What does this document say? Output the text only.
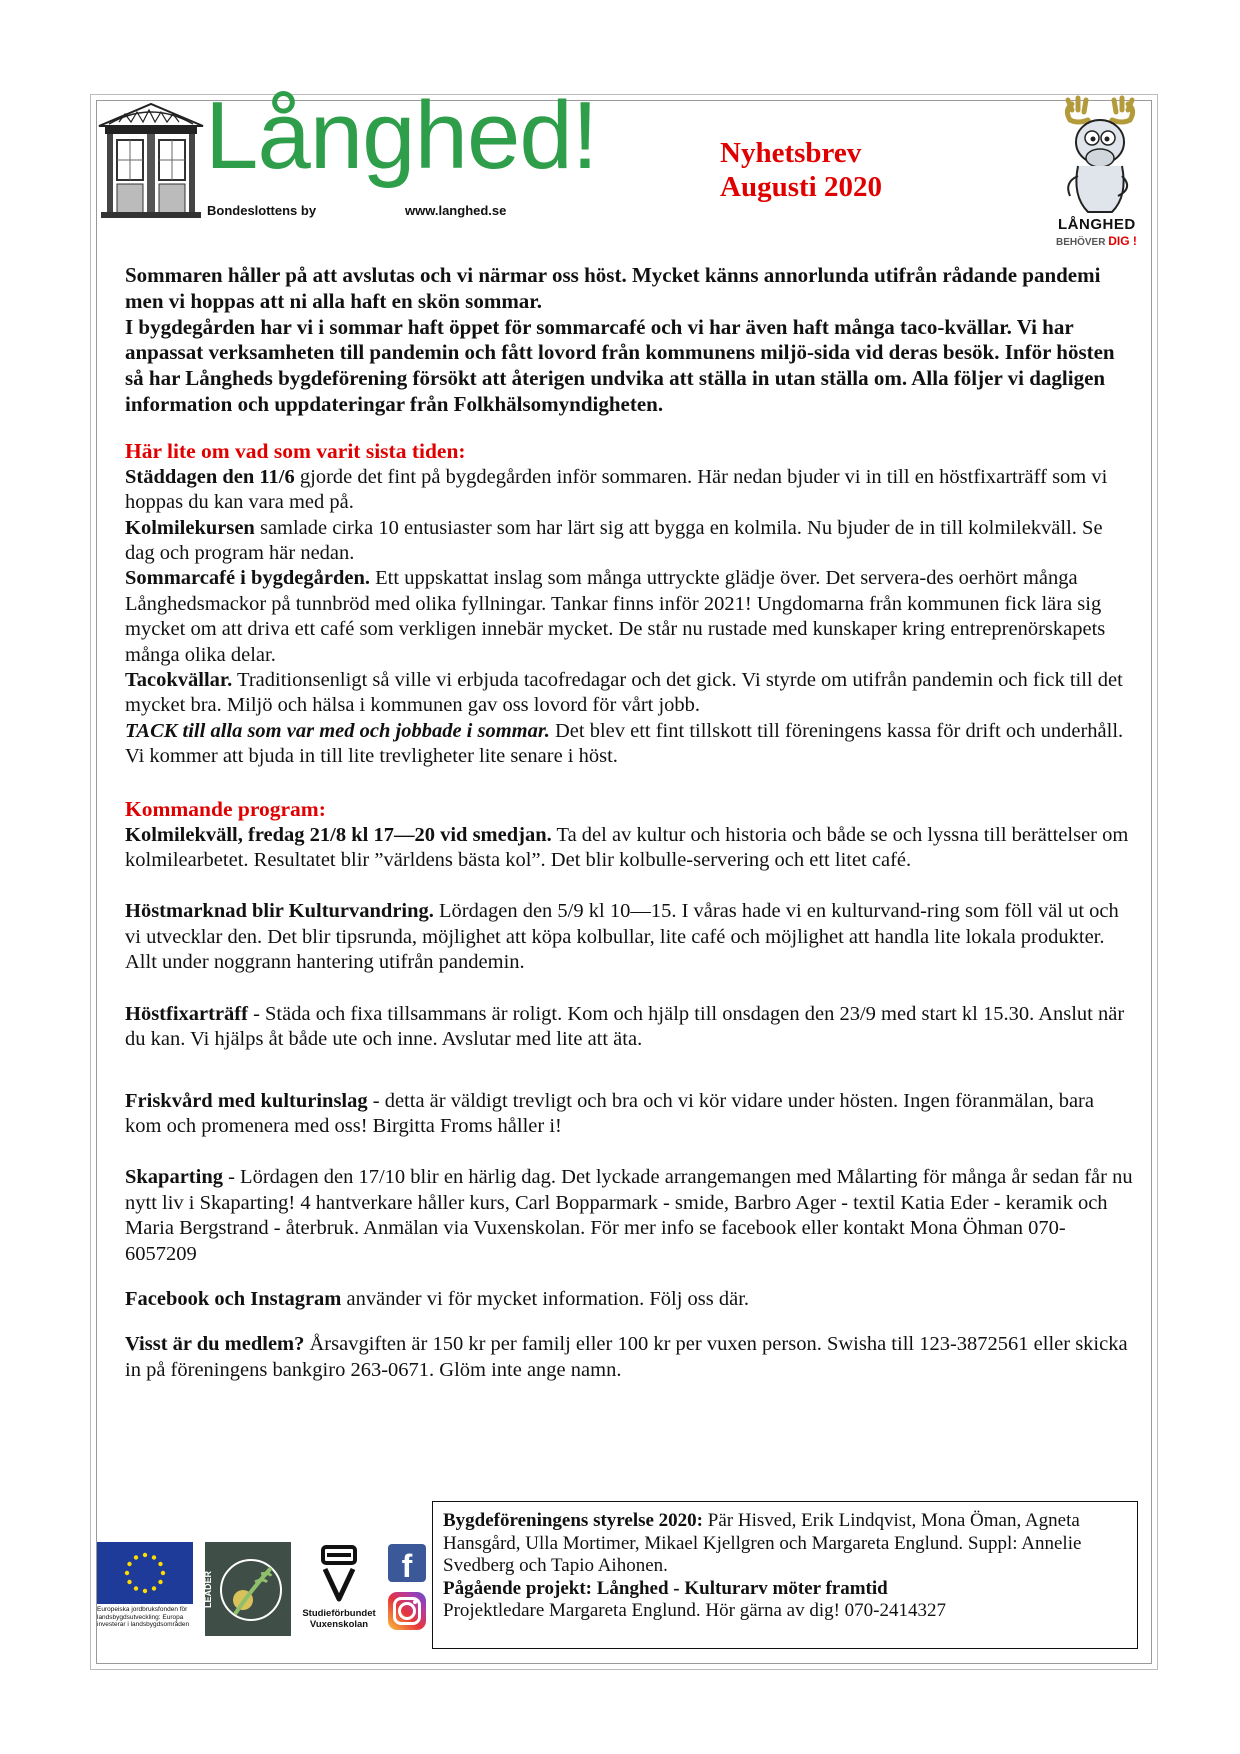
Långhed!
Bondeslottens by	www.langhed.se
Nyhetsbrev
Augusti 2020
LÅNGHED
BEHÖVER DIG !

Sommaren håller på att avslutas och vi närmar oss höst. Mycket känns annorlunda utifrån rådande pandemi men vi hoppas att ni alla haft en skön sommar.

I bygdegården har vi i sommar haft öppet för sommarcafé och vi har även haft många taco-kvällar. Vi har anpassat verksamheten till pandemin och fått lovord från kommunens miljö-sida vid deras besök. Inför hösten så har Långheds bygdeförening försökt att återigen undvika att ställa in utan ställa om. Alla följer vi dagligen information och uppdateringar från Folkhälsomyndigheten.

Här lite om vad som varit sista tiden:

Städdagen den 11/6 gjorde det fint på bygdegården inför sommaren. Här nedan bjuder vi in till en höstfixarträff som vi hoppas du kan vara med på.

Kolmilekursen samlade cirka 10 entusiaster som har lärt sig att bygga en kolmila. Nu bjuder de in till kolmilekväll. Se dag och program här nedan.

Sommarcafé i bygdegården. Ett uppskattat inslag som många uttryckte glädje över. Det servera-des oerhört många Långhedsmackor på tunnbröd med olika fyllningar. Tankar finns inför 2021! Ungdomarna från kommunen fick lära sig mycket om att driva ett café som verkligen innebär mycket. De står nu rustade med kunskaper kring entreprenörskapets många olika delar.

Tacokvällar. Traditionsenligt så ville vi erbjuda tacofredagar och det gick. Vi styrde om utifrån pandemin och fick till det mycket bra. Miljö och hälsa i kommunen gav oss lovord för vårt jobb.

TACK till alla som var med och jobbade i sommar. Det blev ett fint tillskott till föreningens kassa för drift och underhåll. Vi kommer att bjuda in till lite trevligheter lite senare i höst.

Kommande program:

Kolmilekväll, fredag 21/8 kl 17—20 vid smedjan. Ta del av kultur och historia och både se och lyssna till berättelser om kolmilearbetet. Resultatet blir ”världens bästa kol”. Det blir kolbulle-servering och ett litet café.

Höstmarknad blir Kulturvandring. Lördagen den 5/9 kl 10—15. I våras hade vi en kulturvand-ring som föll väl ut och vi utvecklar den. Det blir tipsrunda, möjlighet att köpa kolbullar, lite café och möjlighet att handla lite lokala produkter. Allt under noggrann hantering utifrån pandemin.

Höstfixarträff - Städa och fixa tillsammans är roligt. Kom och hjälp till onsdagen den 23/9 med start kl 15.30. Anslut när du kan. Vi hjälps åt både ute och inne. Avslutar med lite att äta.

Friskvård med kulturinslag - detta är väldigt trevligt och bra och vi kör vidare under hösten. Ingen föranmälan, bara kom och promenera med oss! Birgitta Froms håller i!

Skaparting - Lördagen den 17/10 blir en härlig dag. Det lyckade arrangemangen med Målarting för många år sedan får nu nytt liv i Skaparting! 4 hantverkare håller kurs, Carl Bopparmark - smide, Barbro Ager - textil Katia Eder - keramik och Maria Bergstrand - återbruk. Anmälan via Vuxenskolan. För mer info se facebook eller kontakt Mona Öhman 070-6057209

Facebook och Instagram använder vi för mycket information. Följ oss där.

Visst är du medlem? Årsavgiften är 150 kr per familj eller 100 kr per vuxen person. Swisha till 123-3872561 eller skicka in på föreningens bankgiro 263-0671. Glöm inte ange namn.

Europeiska jordbruksfonden för landsbygdsutveckling: Europa investerar i landsbygdsområden
LEADER
Studieförbundet Vuxenskolan
f

Bygdeföreningens styrelse 2020: Pär Hisved, Erik Lindqvist, Mona Öman, Agneta Hansgård, Ulla Mortimer, Mikael Kjellgren och Margareta Englund. Suppl: Annelie Svedberg och Tapio Aihonen.

Pågående projekt: Långhed - Kulturarv möter framtid

Projektledare Margareta Englund. Hör gärna av dig! 070-2414327
